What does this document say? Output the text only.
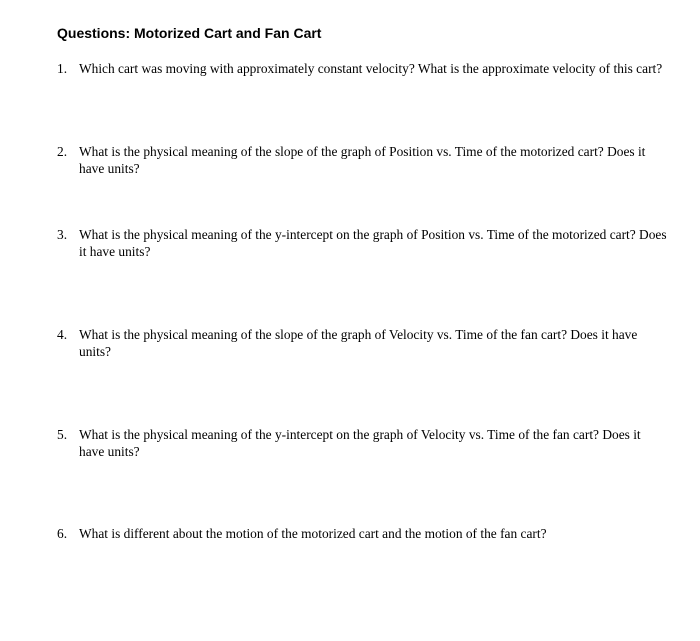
Questions: Motorized Cart and Fan Cart
1. Which cart was moving with approximately constant velocity? What is the approximate velocity of this cart?
2. What is the physical meaning of the slope of the graph of Position vs. Time of the motorized cart? Does it have units?
3. What is the physical meaning of the y-intercept on the graph of Position vs. Time of the motorized cart? Does it have units?
4. What is the physical meaning of the slope of the graph of Velocity vs. Time of the fan cart? Does it have units?
5. What is the physical meaning of the y-intercept on the graph of Velocity vs. Time of the fan cart? Does it have units?
6. What is different about the motion of the motorized cart and the motion of the fan cart?
